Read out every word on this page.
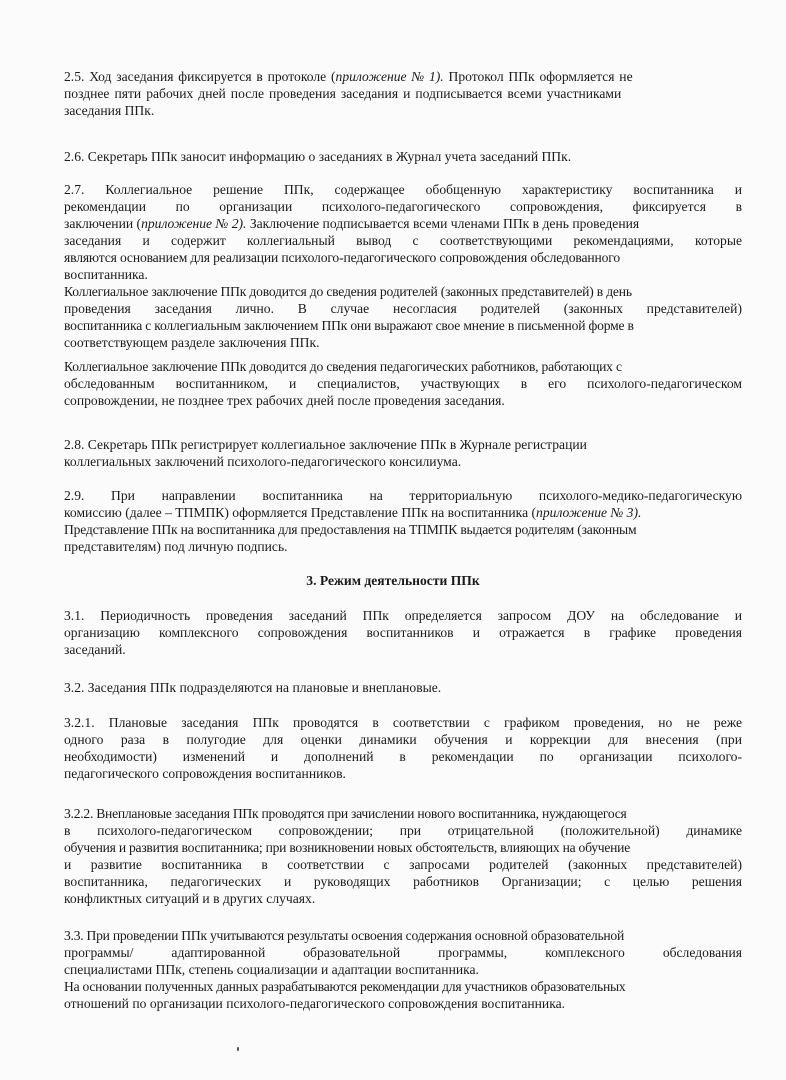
2.5. Ход заседания фиксируется в протоколе (приложение № 1). Протокол ППк оформляется не
позднее пяти рабочих дней после проведения заседания и подписывается всеми участниками
заседания ППк.
2.6. Секретарь ППк заносит информацию о заседаниях в Журнал учета заседаний ППк.
2.7. Коллегиальное решение ППк, содержащее обобщенную характеристику воспитанника и
рекомендации по организации психолого-педагогического сопровождения, фиксируется в
заключении (приложение № 2). Заключение подписывается всеми членами ППк в день проведения
заседания и содержит коллегиальный вывод с соответствующими рекомендациями, которые
являются основанием для реализации психолого-педагогического сопровождения обследованного
воспитанника.
Коллегиальное заключение ППк доводится до сведения родителей (законных представителей) в день
проведения заседания лично. В случае несогласия родителей (законных представителей)
воспитанника с коллегиальным заключением ППк они выражают свое мнение в письменной форме в
соответствующем разделе заключения ППк.
Коллегиальное заключение ППк доводится до сведения педагогических работников, работающих с
обследованным воспитанником, и специалистов, участвующих в его психолого-педагогическом
сопровождении, не позднее трех рабочих дней после проведения заседания.
2.8. Секретарь ППк регистрирует коллегиальное заключение ППк в Журнале регистрации
коллегиальных заключений психолого-педагогического консилиума.
2.9. При направлении воспитанника на территориальную психолого-медико-педагогическую
комиссию (далее – ТПМПК) оформляется Представление ППк на воспитанника (приложение № 3).
Представление ППк на воспитанника для предоставления на ТПМПК выдается родителям (законным
представителям) под личную подпись.
3. Режим деятельности ППк
3.1. Периодичность проведения заседаний ППк определяется запросом ДОУ на обследование и
организацию комплексного сопровождения воспитанников и отражается в графике проведения
заседаний.
3.2. Заседания ППк подразделяются на плановые и внеплановые.
3.2.1. Плановые заседания ППк проводятся в соответствии с графиком проведения, но не реже
одного раза в полугодие для оценки динамики обучения и коррекции для внесения (при
необходимости) изменений и дополнений в рекомендации по организации психолого-
педагогического сопровождения воспитанников.
3.2.2. Внеплановые заседания ППк проводятся при зачислении нового воспитанника, нуждающегося
в психолого-педагогическом сопровождении; при отрицательной (положительной) динамике
обучения и развития воспитанника; при возникновении новых обстоятельств, влияющих на обучение
и развитие воспитанника в соответствии с запросами родителей (законных представителей)
воспитанника, педагогических и руководящих работников Организации; с целью решения
конфликтных ситуаций и в других случаях.
3.3. При проведении ППк учитываются результаты освоения содержания основной образовательной
программы/ адаптированной образовательной программы, комплексного обследования
специалистами ППк, степень социализации и адаптации воспитанника.
На основании полученных данных разрабатываются рекомендации для участников образовательных
отношений по организации психолого-педагогического сопровождения воспитанника.
